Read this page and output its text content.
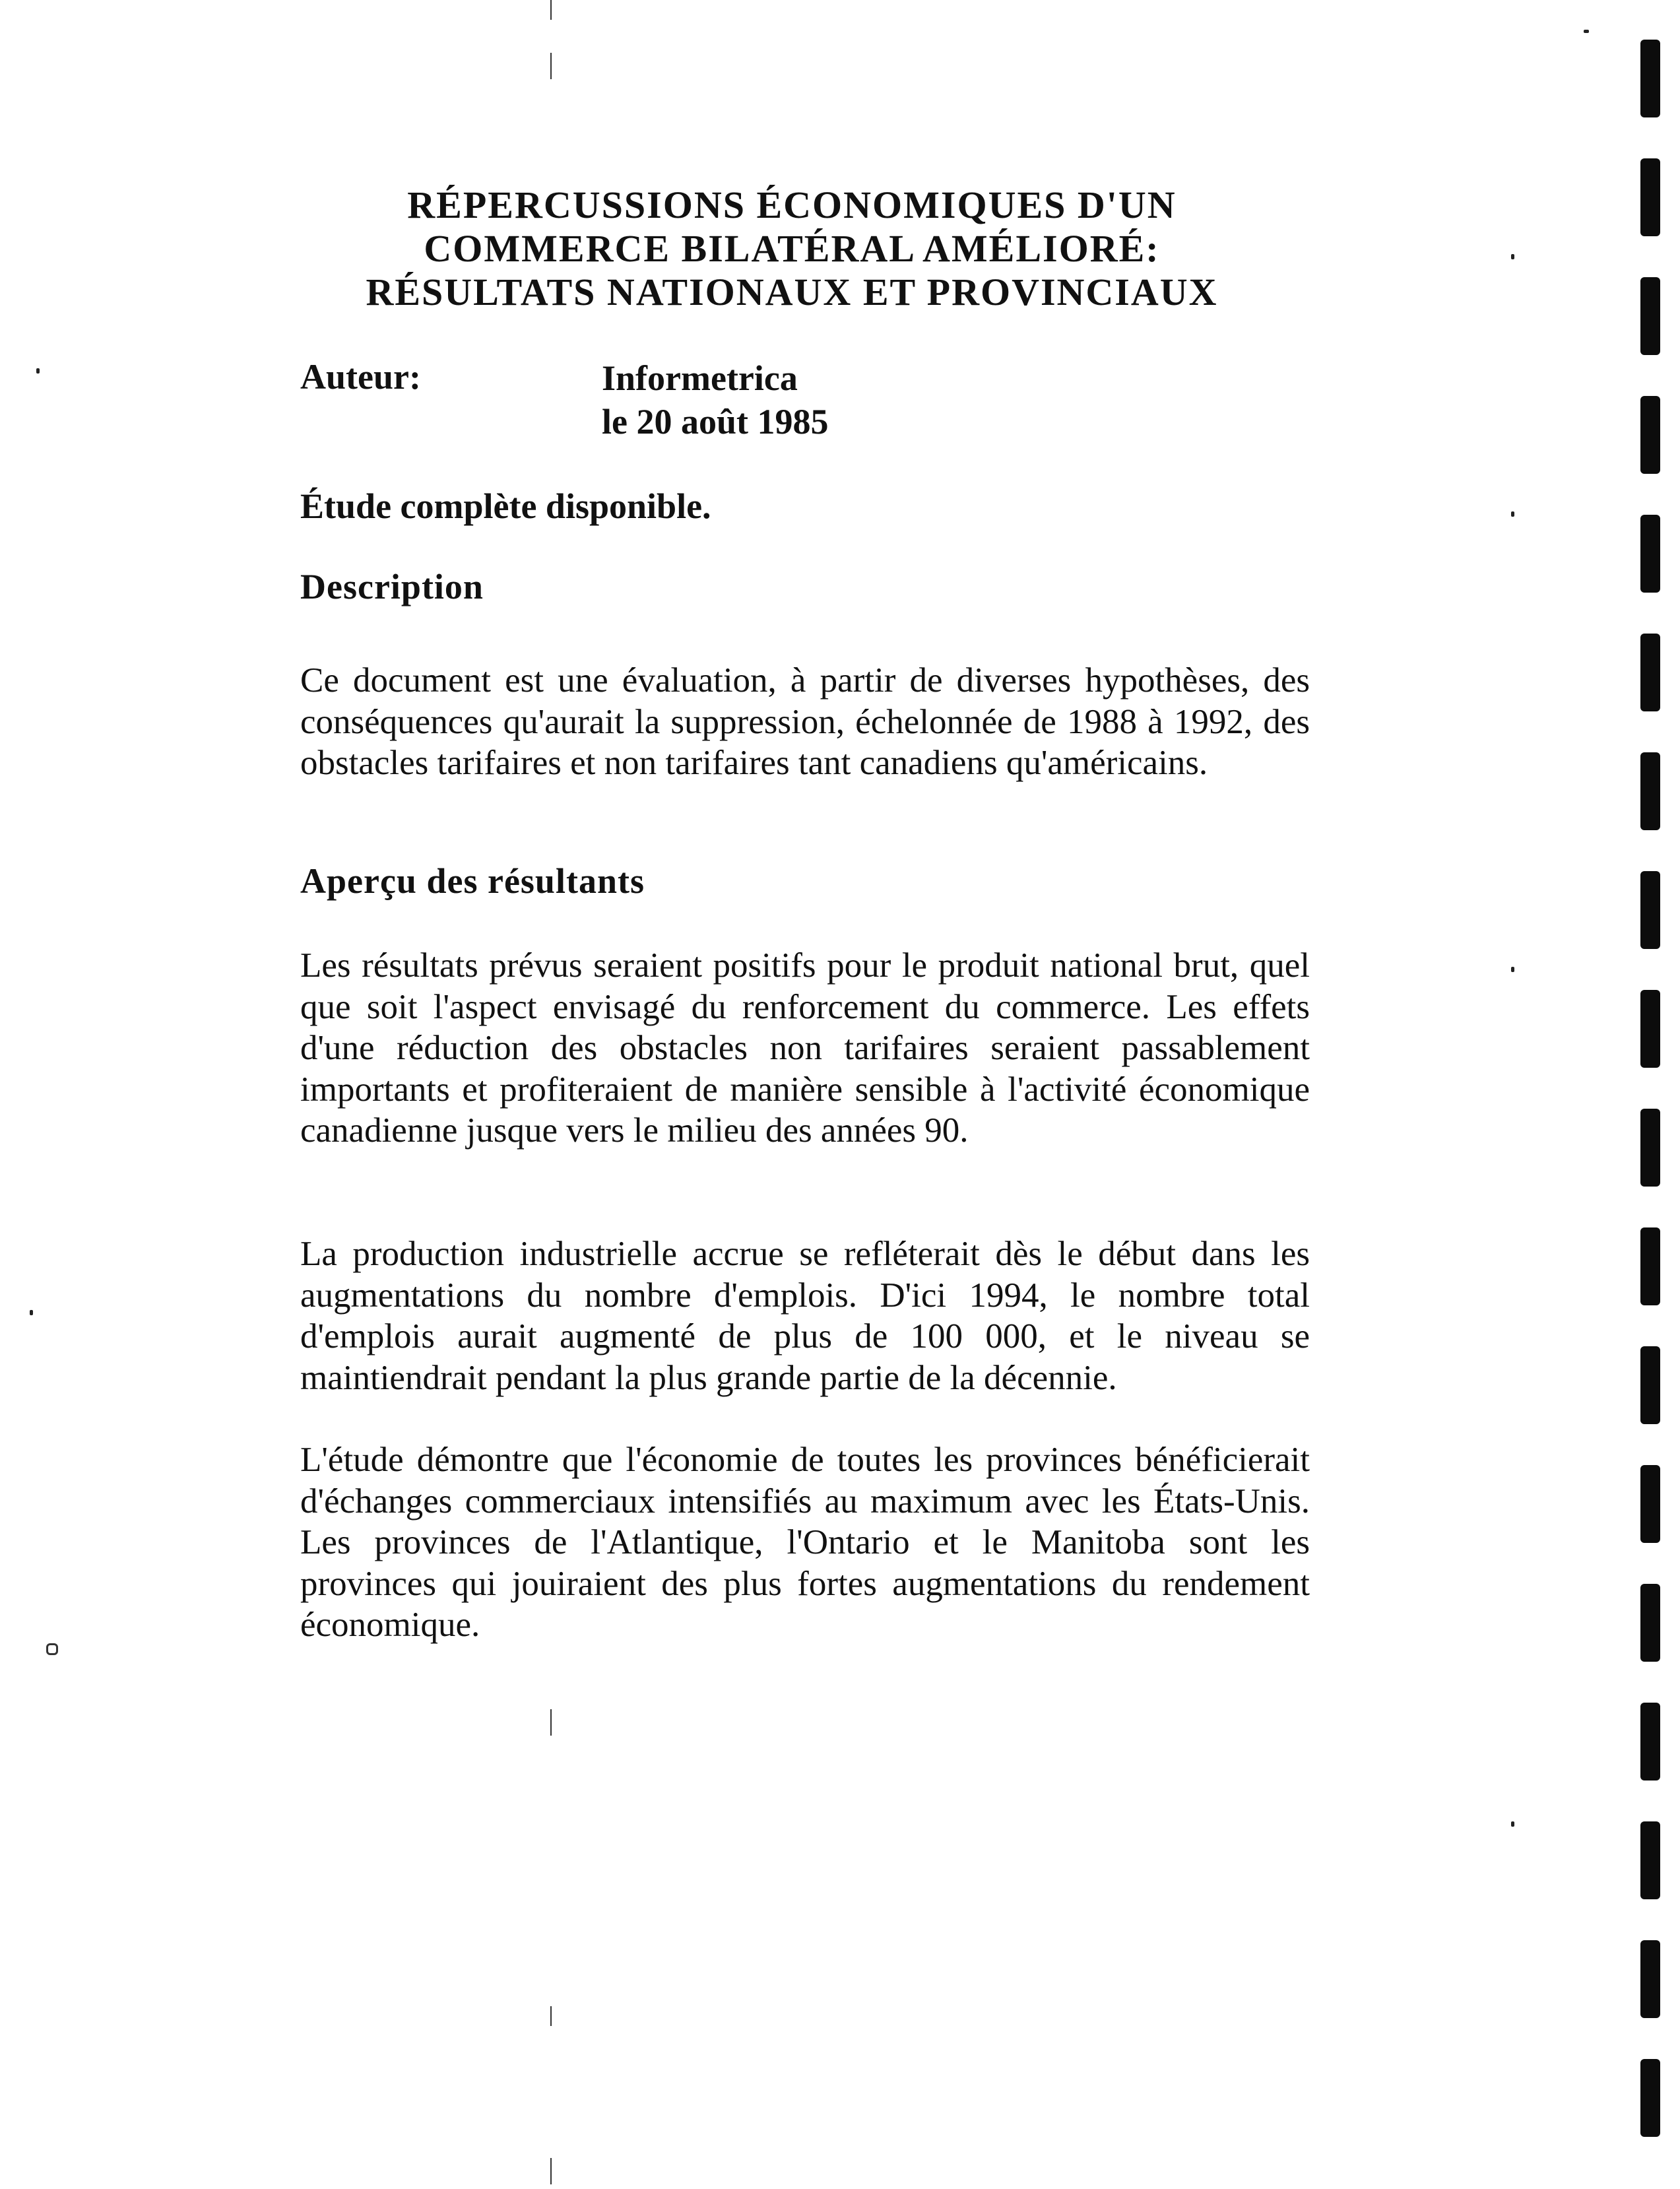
RÉPERCUSSIONS ÉCONOMIQUES D'UN
COMMERCE BILATÉRAL AMÉLIORÉ:
RÉSULTATS NATIONAUX ET PROVINCIAUX
Auteur:	Informetrica
le 20 août 1985
Étude complète disponible.
Description
Ce document est une évaluation, à partir de diverses hypothèses, des conséquences qu'aurait la suppression, échelonnée de 1988 à 1992, des obstacles tarifaires et non tarifaires tant canadiens qu'américains.
Aperçu des résultants
Les résultats prévus seraient positifs pour le produit national brut, quel que soit l'aspect envisagé du renforcement du commerce. Les effets d'une réduction des obstacles non tarifaires seraient passablement importants et profiteraient de manière sensible à l'activité économique canadienne jusque vers le milieu des années 90.
La production industrielle accrue se refléterait dès le début dans les augmentations du nombre d'emplois. D'ici 1994, le nombre total d'emplois aurait augmenté de plus de 100 000, et le niveau se maintiendrait pendant la plus grande partie de la décennie.
L'étude démontre que l'économie de toutes les provinces bénéficierait d'échanges commerciaux intensifiés au maximum avec les États-Unis. Les provinces de l'Atlantique, l'Ontario et le Manitoba sont les provinces qui jouiraient des plus fortes augmentations du rendement économique.
